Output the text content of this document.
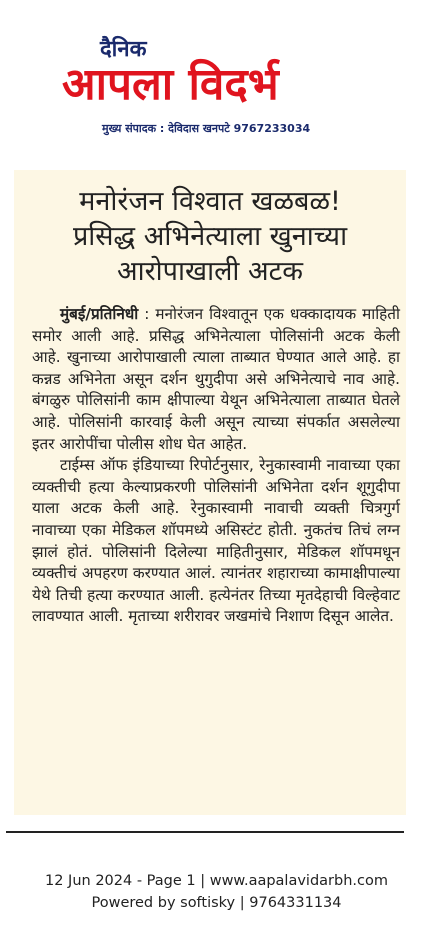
दैनिक
आपला विदर्भ
मुख्य संपादक : देविदास खनपटे 9767233034
मनोरंजन विश्वात खळबळ!
प्रसिद्ध अभिनेत्याला खुनाच्या
आरोपाखाली अटक

मुंबई/प्रतिनिधी : मनोरंजन विश्वातून एक धक्कादायक माहिती समोर आली आहे. प्रसिद्ध अभिनेत्याला पोलिसांनी अटक केली आहे. खुनाच्या आरोपाखाली त्याला ताब्यात घेण्यात आले आहे. हा कन्नड अभिनेता असून दर्शन थुगुदीपा असे अभिनेत्याचे नाव आहे. बंगळुरु पोलिसांनी काम क्षीपाल्या येथून अभिनेत्याला ताब्यात घेतले आहे. पोलिसांनी कारवाई केली असून त्याच्या संपर्कात असलेल्या इतर आरोपींचा पोलीस शोध घेत आहेत.

टाईम्स ऑफ इंडियाच्या रिपोर्टनुसार, रेनुकास्वामी नावाच्या एका व्यक्तीची हत्या केल्याप्रकरणी पोलिसांनी अभिनेता दर्शन शूगुदीपा याला अटक केली आहे. रेनुकास्वामी नावाची व्यक्ती चित्रगुर्ग नावाच्या एका मेडिकल शॉपमध्ये असिस्टंट होती. नुकतंच तिचं लग्न झालं होतं. पोलिसांनी दिलेल्या माहितीनुसार, मेडिकल शॉपमधून व्यक्तीचं अपहरण करण्यात आलं. त्यानंतर शहाराच्या कामाक्षीपाल्या येथे तिची हत्या करण्यात आली. हत्येनंतर तिच्या मृतदेहाची विल्हेवाट लावण्यात आली. मृताच्या शरीरावर जखमांचे निशाण दिसून आलेत.

12 Jun 2024 - Page 1 | www.aapalavidarbh.com
Powered by softisky | 9764331134
